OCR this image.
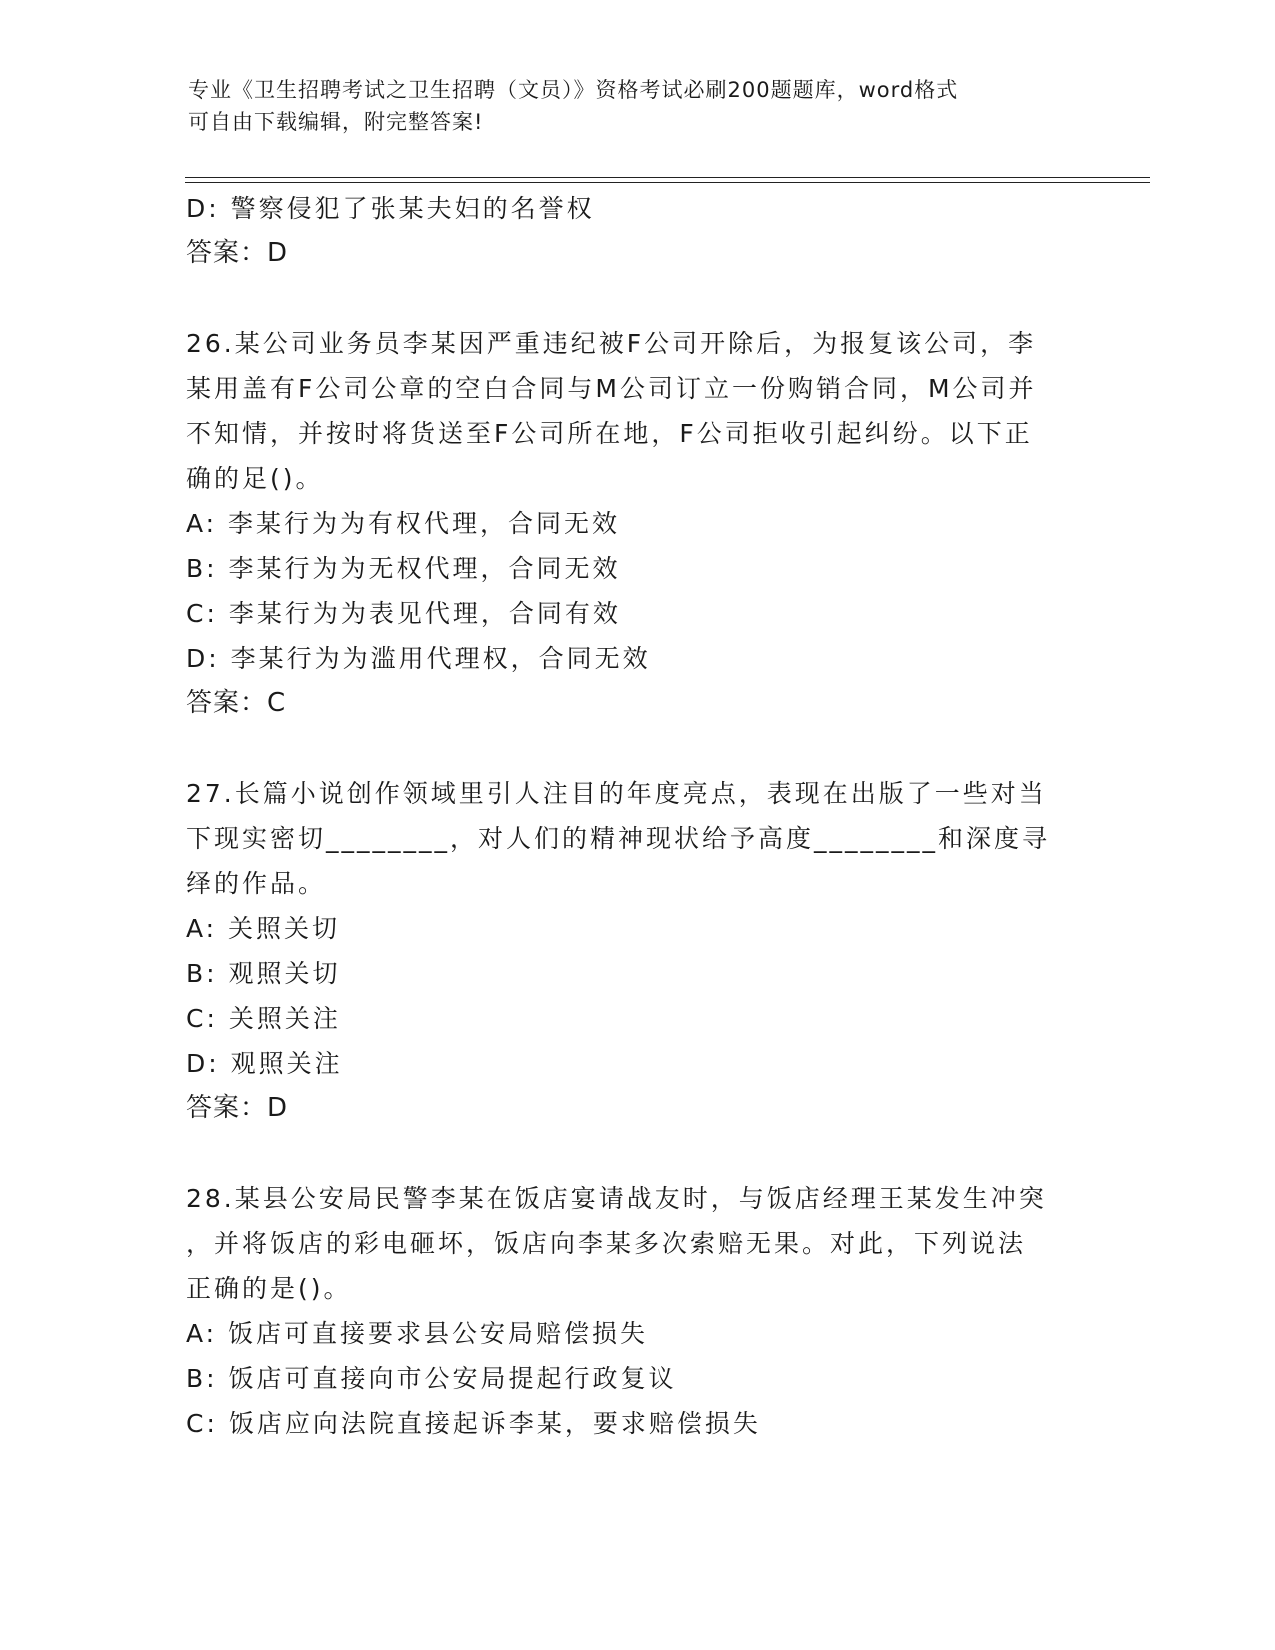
专业《卫生招聘考试之卫生招聘（文员）》资格考试必刷200题题库，word格式
可自由下载编辑，附完整答案!
D: 警察侵犯了张某夫妇的名誉权
答案：D
26.某公司业务员李某因严重违纪被F公司开除后，为报复该公司，李
某用盖有F公司公章的空白合同与M公司订立一份购销合同，M公司并
不知情，并按时将货送至F公司所在地，F公司拒收引起纠纷。以下正
确的足()。
A: 李某行为为有权代理，合同无效
B: 李某行为为无权代理，合同无效
C: 李某行为为表见代理，合同有效
D: 李某行为为滥用代理权，合同无效
答案：C
27.长篇小说创作领域里引人注目的年度亮点，表现在出版了一些对当
下现实密切________，对人们的精神现状给予高度________和深度寻
绎的作品。
A: 关照关切
B: 观照关切
C: 关照关注
D: 观照关注
答案：D
28.某县公安局民警李某在饭店宴请战友时，与饭店经理王某发生冲突
，并将饭店的彩电砸坏，饭店向李某多次索赔无果。对此，下列说法
正确的是()。
A: 饭店可直接要求县公安局赔偿损失
B: 饭店可直接向市公安局提起行政复议
C: 饭店应向法院直接起诉李某，要求赔偿损失
